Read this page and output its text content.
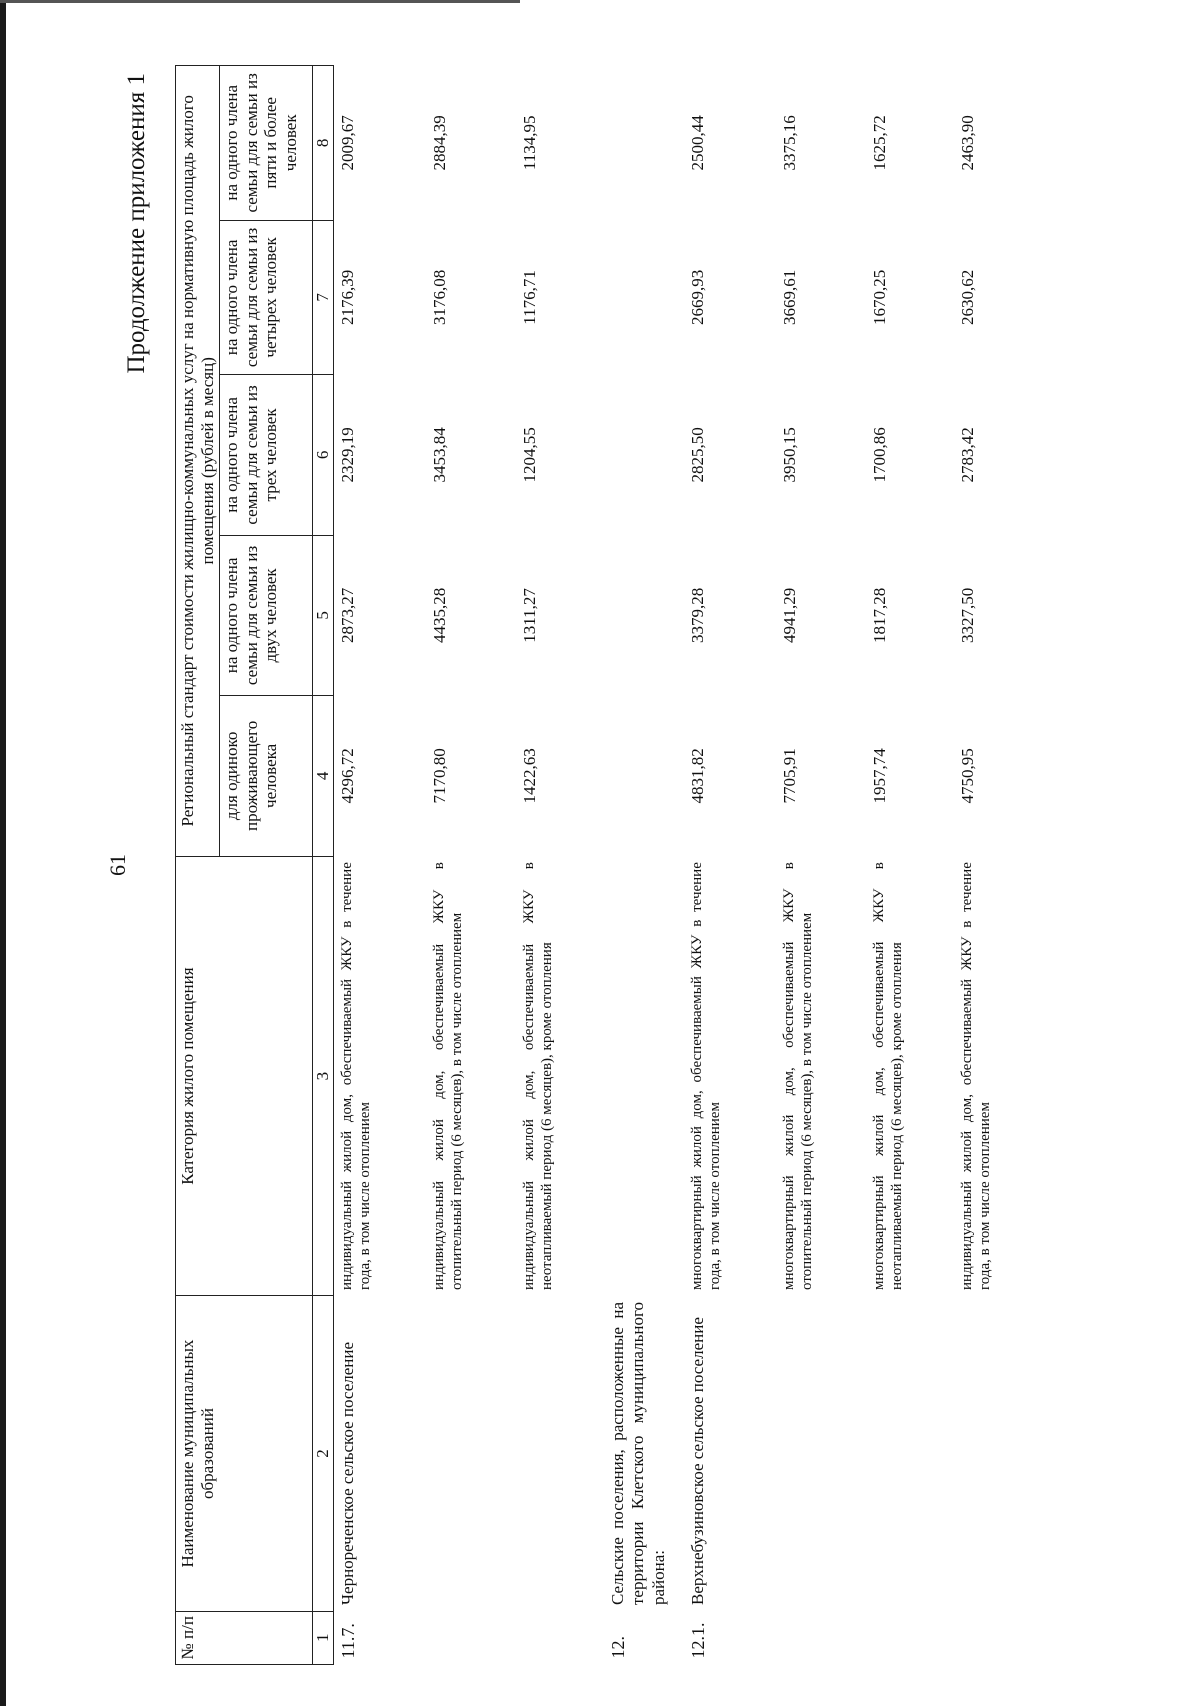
61
Продолжение приложения 1
№ п/п	Наименование муниципальных образований	Категория жилого помещения	Региональный стандарт стоимости жилищно-коммунальных услуг на нормативную площадь жилого помещения (рублей в месяц)				
			для одиноко проживающего человека	на одного члена семьи для семьи из двух человек	на одного члена семьи для семьи из трех человек	на одного члена семьи для семьи из четырех человек	на одного члена семьи для семьи из пяти и более человек
1	2	3	4	5	6	7	8
11.7.	Чернореченское сельское поселение	индивидуальный жилой дом, обеспечиваемый ЖКУ в течение года, в том числе отоплением	4296,72	2873,27	2329,19	2176,39	2009,67
		индивидуальный жилой дом, обеспечиваемый ЖКУ в отопительный период (6 месяцев), в том числе отоплением	7170,80	4435,28	3453,84	3176,08	2884,39
		индивидуальный жилой дом, обеспечиваемый ЖКУ в неотапливаемый период (6 месяцев), кроме отопления	1422,63	1311,27	1204,55	1176,71	1134,95
12.	Сельские поселения, расположенные на территории Клетского муниципального района:						
12.1.	Верхнебузиновское сельское поселение	многоквартирный жилой дом, обеспечиваемый ЖКУ в течение года, в том числе отоплением	4831,82	3379,28	2825,50	2669,93	2500,44
		многоквартирный жилой дом, обеспечиваемый ЖКУ в отопительный период (6 месяцев), в том числе отоплением	7705,91	4941,29	3950,15	3669,61	3375,16
		многоквартирный жилой дом, обеспечиваемый ЖКУ в неотапливаемый период (6 месяцев), кроме отопления	1957,74	1817,28	1700,86	1670,25	1625,72
		индивидуальный жилой дом, обеспечиваемый ЖКУ в течение года, в том числе отоплением	4750,95	3327,50	2783,42	2630,62	2463,90
